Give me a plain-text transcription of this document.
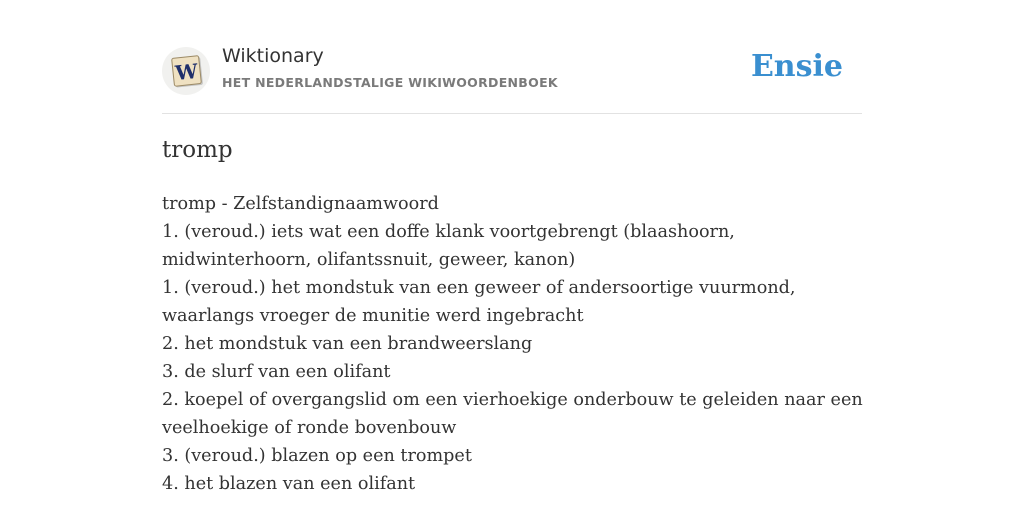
W
Wiktionary
HET NEDERLANDSTALIGE WIKIWOORDENBOEK	Ensie
tromp
tromp - Zelfstandignaamwoord
1. (veroud.) iets wat een doffe klank voortgebrengt (blaashoorn, midwinterhoorn, olifantssnuit, geweer, kanon)
1. (veroud.) het mondstuk van een geweer of andersoortige vuurmond, waarlangs vroeger de munitie werd ingebracht
2. het mondstuk van een brandweerslang
3. de slurf van een olifant
2. koepel of overgangslid om een vierhoekige onderbouw te geleiden naar een veelhoekige of ronde bovenbouw
3. (veroud.) blazen op een trompet
4. het blazen van een olifant
